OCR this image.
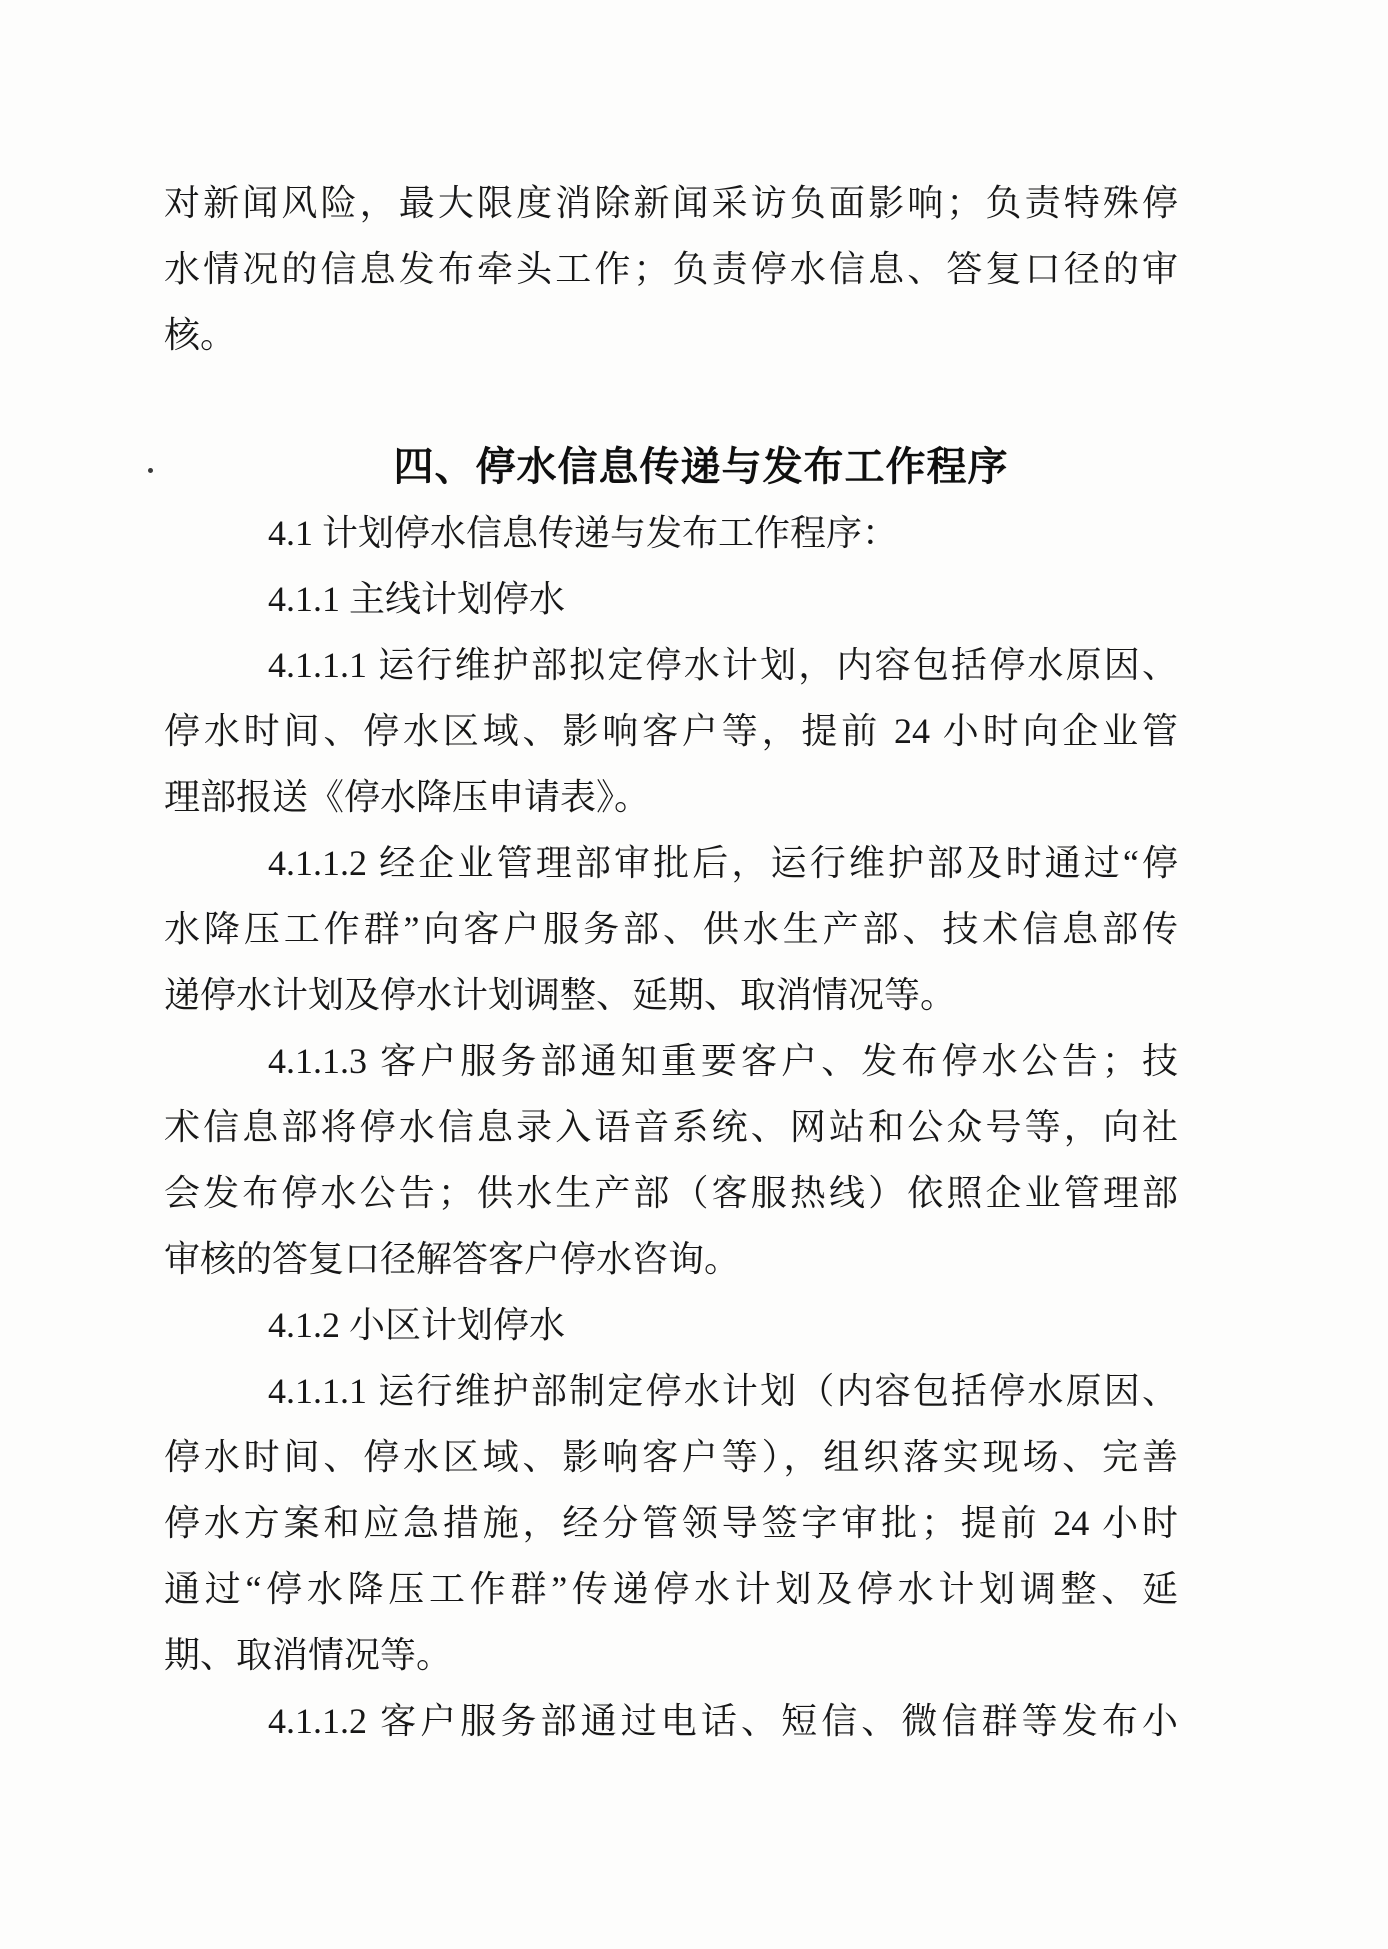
对新闻风险，最大限度消除新闻采访负面影响；负责特殊停
水情况的信息发布牵头工作；负责停水信息、答复口径的审
核。
四、停水信息传递与发布工作程序
4.1 计划停水信息传递与发布工作程序：
4.1.1 主线计划停水
4.1.1.1 运行维护部拟定停水计划，内容包括停水原因、
停水时间、停水区域、影响客户等，提前 24 小时向企业管
理部报送《停水降压申请表》。
4.1.1.2 经企业管理部审批后，运行维护部及时通过“停
水降压工作群”向客户服务部、供水生产部、技术信息部传
递停水计划及停水计划调整、延期、取消情况等。
4.1.1.3 客户服务部通知重要客户、发布停水公告；技
术信息部将停水信息录入语音系统、网站和公众号等，向社
会发布停水公告；供水生产部（客服热线）依照企业管理部
审核的答复口径解答客户停水咨询。
4.1.2 小区计划停水
4.1.1.1 运行维护部制定停水计划（内容包括停水原因、
停水时间、停水区域、影响客户等），组织落实现场、完善
停水方案和应急措施，经分管领导签字审批；提前 24 小时
通过“停水降压工作群”传递停水计划及停水计划调整、延
期、取消情况等。
4.1.1.2 客户服务部通过电话、短信、微信群等发布小
